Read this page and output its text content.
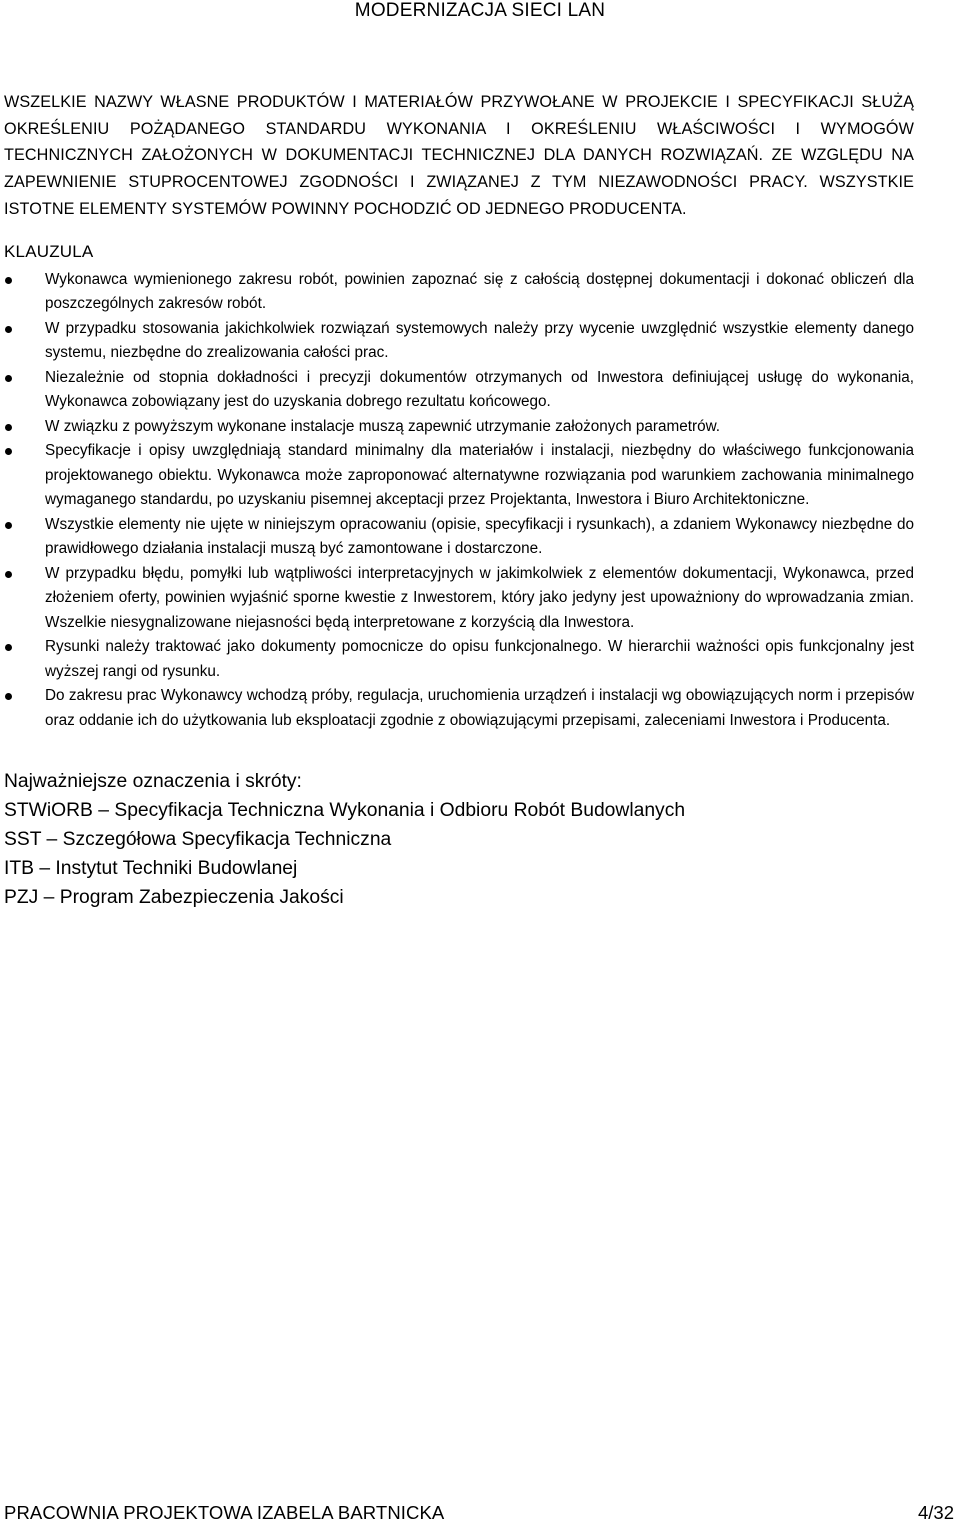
MODERNIZACJA SIECI LAN

WSZELKIE NAZWY WŁASNE PRODUKTÓW I MATERIAŁÓW PRZYWOŁANE W PROJEKCIE I SPECYFIKACJI SŁUŻĄ OKREŚLENIU POŻĄDANEGO STANDARDU WYKONANIA I OKREŚLENIU WŁAŚCIWOŚCI I WYMOGÓW TECHNICZNYCH ZAŁOŻONYCH W DOKUMENTACJI TECHNICZNEJ DLA DANYCH ROZWIĄZAŃ. ZE WZGLĘDU NA ZAPEWNIENIE STUPROCENTOWEJ ZGODNOŚCI I ZWIĄZANEJ Z TYM NIEZAWODNOŚCI PRACY. WSZYSTKIE ISTOTNE ELEMENTY SYSTEMÓW POWINNY POCHODZIĆ OD JEDNEGO PRODUCENTA.

KLAUZULA
Wykonawca wymienionego zakresu robót, powinien zapoznać się z całością dostępnej dokumentacji i dokonać obliczeń dla poszczególnych zakresów robót.
W przypadku stosowania jakichkolwiek rozwiązań systemowych należy przy wycenie uwzględnić wszystkie elementy danego systemu, niezbędne do zrealizowania całości prac.
Niezależnie od stopnia dokładności i precyzji dokumentów otrzymanych od Inwestora definiującej usługę do wykonania, Wykonawca zobowiązany jest do uzyskania dobrego rezultatu końcowego.
W związku z powyższym wykonane instalacje muszą zapewnić utrzymanie założonych parametrów.
Specyfikacje i opisy uwzględniają standard minimalny dla materiałów i instalacji, niezbędny do właściwego funkcjonowania projektowanego obiektu. Wykonawca może zaproponować alternatywne rozwiązania pod warunkiem zachowania minimalnego wymaganego standardu, po uzyskaniu pisemnej akceptacji przez Projektanta, Inwestora i Biuro Architektoniczne.
Wszystkie elementy nie ujęte w niniejszym opracowaniu (opisie, specyfikacji i rysunkach), a zdaniem Wykonawcy niezbędne do prawidłowego działania instalacji muszą być zamontowane i dostarczone.
W przypadku błędu, pomyłki lub wątpliwości interpretacyjnych w jakimkolwiek z elementów dokumentacji, Wykonawca, przed złożeniem oferty, powinien wyjaśnić sporne kwestie z Inwestorem, który jako jedyny jest upoważniony do wprowadzania zmian. Wszelkie niesygnalizowane niejasności będą interpretowane z korzyścią dla Inwestora.
Rysunki należy traktować jako dokumenty pomocnicze do opisu funkcjonalnego. W hierarchii ważności opis funkcjonalny jest wyższej rangi od rysunku.
Do zakresu prac Wykonawcy wchodzą próby, regulacja, uruchomienia urządzeń i instalacji wg obowiązujących norm i przepisów oraz oddanie ich do użytkowania lub eksploatacji zgodnie z obowiązującymi przepisami, zaleceniami Inwestora i Producenta.
Najważniejsze oznaczenia i skróty:
STWiORB – Specyfikacja Techniczna Wykonania i Odbioru Robót Budowlanych
SST – Szczegółowa Specyfikacja Techniczna
ITB – Instytut Techniki Budowlanej
PZJ – Program Zabezpieczenia Jakości
PRACOWNIA PROJEKTOWA IZABELA BARTNICKA	4/32
